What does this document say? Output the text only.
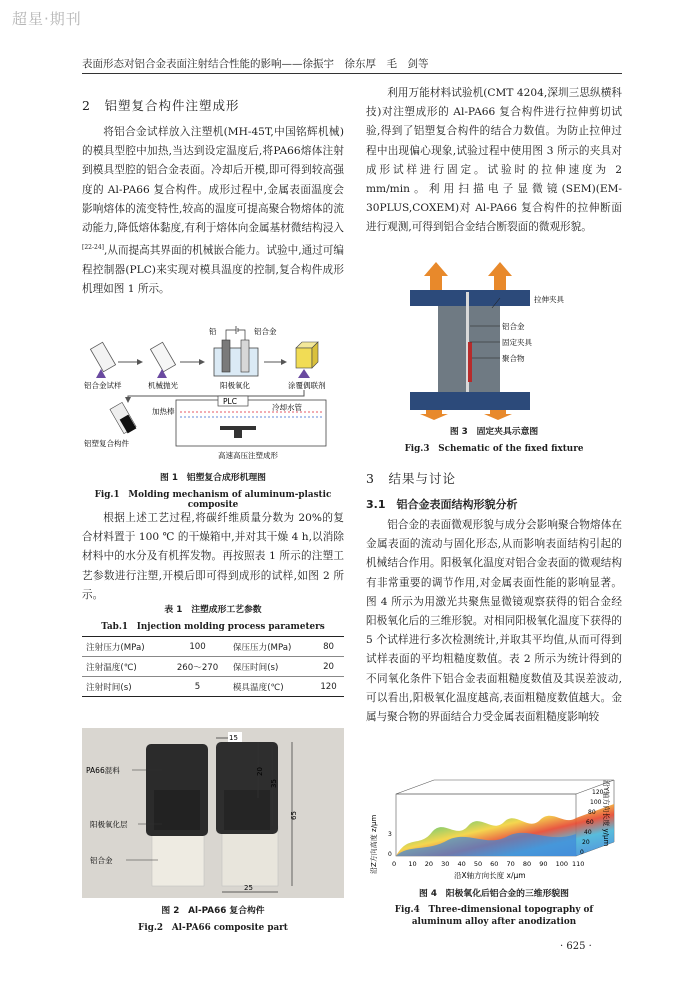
超星·期刊
表面形态对铝合金表面注射结合性能的影响——徐振宇　徐东厚　毛　剑等
2　铝塑复合构件注塑成形

将铝合金试样放入注塑机(MH-45T,中国铭辉机械)的模具型腔中加热,当达到设定温度后,将PA66熔体注射到模具型腔的铝合金表面。冷却后开模,即可得到较高强度的 Al-PA66 复合构件。成形过程中,金属表面温度会影响熔体的流变特性,较高的温度可提高聚合物熔体的流动能力,降低熔体黏度,有利于熔体向金属基材微结构浸入[22-24],从而提高其界面的机械嵌合能力。试验中,通过可编程控制器(PLC)来实现对模具温度的控制,复合构件成形机理如图 1 所示。

铝合金试样	机械抛光
铅	铝合金
阳极氧化	涂覆偶联剂
PLC
加热棒	冷却水管
高速高压注塑成形
铝塑复合构件
图 1　铝塑复合成形机理图
Fig.1　Molding mechanism of aluminum-plastic composite

根据上述工艺过程,将碳纤维质量分数为 20%的复合材料置于 100 ℃ 的干燥箱中,并对其干燥 4 h,以消除材料中的水分及有机挥发物。再按照表 1 所示的注塑工艺参数进行注塑,开模后即可得到成形的试样,如图 2 所示。

表 1　注塑成形工艺参数
Tab.1　Injection molding process parameters
注射压力(MPa)	100	保压压力(MPa)	80
注射温度(℃)	260～270	保压时间(s)	20
注射时间(s)	5	模具温度(℃)	120
15
20
35
65
25
PA66混料
阳极氧化层
铝合金
图 2　Al-PA66 复合构件
Fig.2　Al-PA66 composite part

利用万能材料试验机(CMT 4204,深圳三思纵横科技)对注塑成形的 Al-PA66 复合构件进行拉伸剪切试验,得到了铝塑复合构件的结合力数值。为防止拉伸过程中出现偏心现象,试验过程中使用图 3 所示的夹具对成形试样进行固定。试验时的拉伸速度为 2 mm/min。利用扫描电子显微镜(SEM)(EM-30PLUS,COXEM)对 Al-PA66 复合构件的拉伸断面进行观测,可得到铝合金结合断裂面的微观形貌。

拉伸夹具
铝合金
固定夹具
聚合物
图 3　固定夹具示意图
Fig.3　Schematic of the fixed fixture
3　结果与讨论
3.1　铝合金表面结构形貌分析

铝合金的表面微观形貌与成分会影响聚合物熔体在金属表面的流动与固化形态,从而影响表面结构引起的机械结合作用。阳极氧化温度对铝合金表面的微观结构有非常重要的调节作用,对金属表面性能的影响显著。图 4 所示为用激光共聚焦显微镜观察获得的铝合金经阳极氧化后的三维形貌。对相同阳极氧化温度下获得的 5 个试样进行多次检测统计,并取其平均值,从而可得到试样表面的平均粗糙度数值。表 2 所示为统计得到的不同氧化条件下铝合金表面粗糙度数值及其误差波动,可以看出,阳极氧化温度越高,表面粗糙度数值越大。金属与聚合物的界面结合力受金属表面粗糙度影响较

0 10 20 30 40 50 60 70 80 90 100 110
0
20
40
60
80
100
120
0
3
沿X轴方向长度 x/μm
沿Y轴方向长度 y/μm
沿Z方向高度 z/μm
图 4　阳极氧化后铝合金的三维形貌图
Fig.4　Three-dimensional topography of
aluminum alloy after anodization
· 625 ·
